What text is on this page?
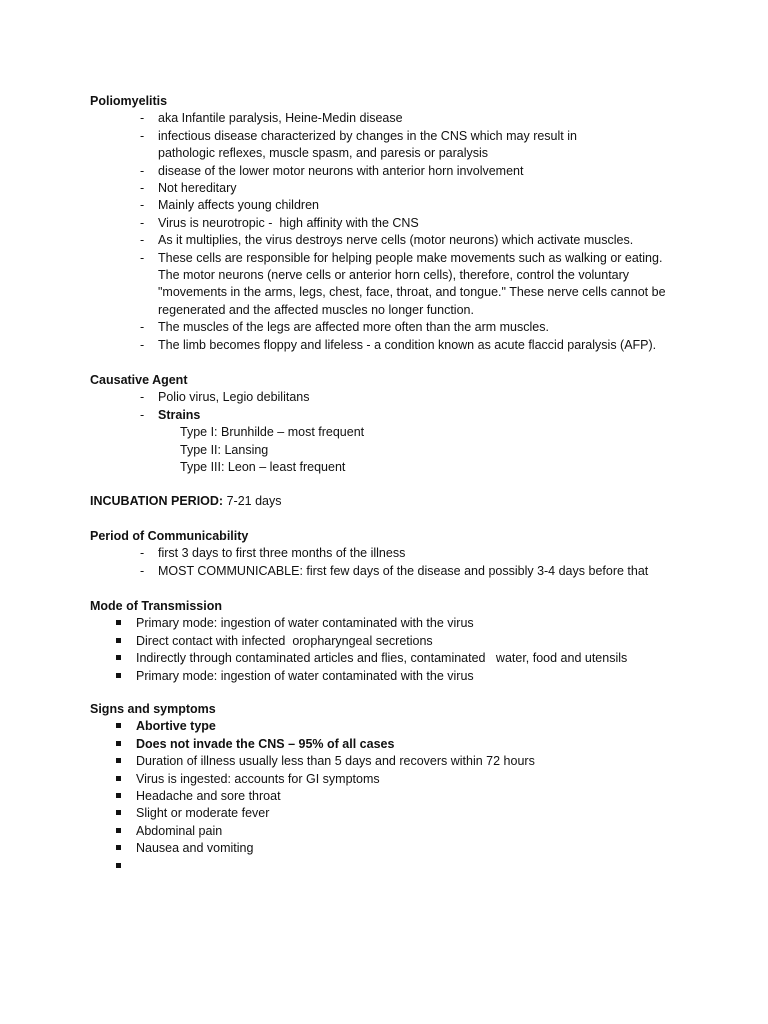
Poliomyelitis
-
aka Infantile paralysis, Heine-Medin disease
-
infectious disease characterized by changes in the CNS which may result in pathologic reflexes, muscle spasm, and paresis or paralysis
-
disease of the lower motor neurons with anterior horn involvement
-
Not hereditary
-
Mainly affects young children
-
Virus is neurotropic -  high affinity with the CNS
-
As it multiplies, the virus destroys nerve cells (motor neurons) which activate muscles.
-
These cells are responsible for helping people make movements such as walking or eating. The motor neurons (nerve cells or anterior horn cells), therefore, control the voluntary "movements in the arms, legs, chest, face, throat, and tongue." These nerve cells cannot be regenerated and the affected muscles no longer function.
-
The muscles of the legs are affected more often than the arm muscles.
-
The limb becomes floppy and lifeless - a condition known as acute flaccid paralysis (AFP).
Causative Agent
-
Polio virus, Legio debilitans
-
Strains
Type I: Brunhilde – most frequent
Type II: Lansing
Type III: Leon – least frequent
INCUBATION PERIOD: 7-21 days
Period of Communicability
-
first 3 days to first three months of the illness
-
MOST COMMUNICABLE: first few days of the disease and possibly 3-4 days before that
Mode of Transmission
Primary mode: ingestion of water contaminated with the virus
Direct contact with infected  oropharyngeal secretions
Indirectly through contaminated articles and flies, contaminated   water, food and utensils
Primary mode: ingestion of water contaminated with the virus
Signs and symptoms
Abortive type
Does not invade the CNS – 95% of all cases
Duration of illness usually less than 5 days and recovers within 72 hours
Virus is ingested: accounts for GI symptoms
Headache and sore throat
Slight or moderate fever
Abdominal pain
Nausea and vomiting
